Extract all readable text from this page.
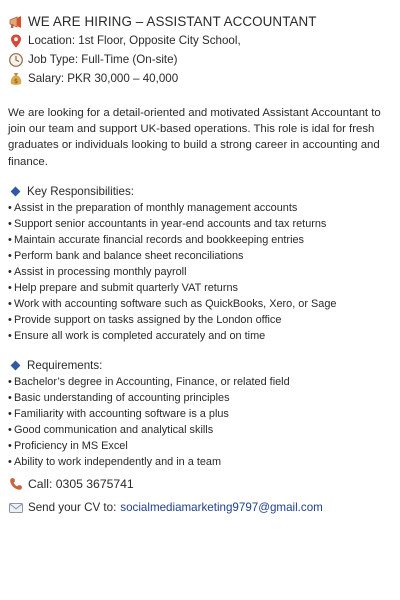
WE ARE HIRING – ASSISTANT ACCOUNTANT
Location: 1st Floor, Opposite City School,
Job Type: Full-Time (On-site)
$ Salary: PKR 30,000 – 40,000
We are looking for a detail-oriented and motivated Assistant Accountant to join our team and support UK-based operations. This role is idal for fresh graduates or individuals looking to build a strong career in accounting and finance.
Key Responsibilities:
• Assist in the preparation of monthly management accounts
• Support senior accountants in year-end accounts and tax returns
• Maintain accurate financial records and bookkeeping entries
• Perform bank and balance sheet reconciliations
• Assist in processing monthly payroll
• Help prepare and submit quarterly VAT returns
• Work with accounting software such as QuickBooks, Xero, or Sage
• Provide support on tasks assigned by the London office
• Ensure all work is completed accurately and on time
Requirements:
• Bachelor’s degree in Accounting, Finance, or related field
• Basic understanding of accounting principles
• Familiarity with accounting software is a plus
• Good communication and analytical skills
• Proficiency in MS Excel
• Ability to work independently and in a team
Call: 0305 3675741
Send your CV to: socialmediamarketing9797@gmail.com
